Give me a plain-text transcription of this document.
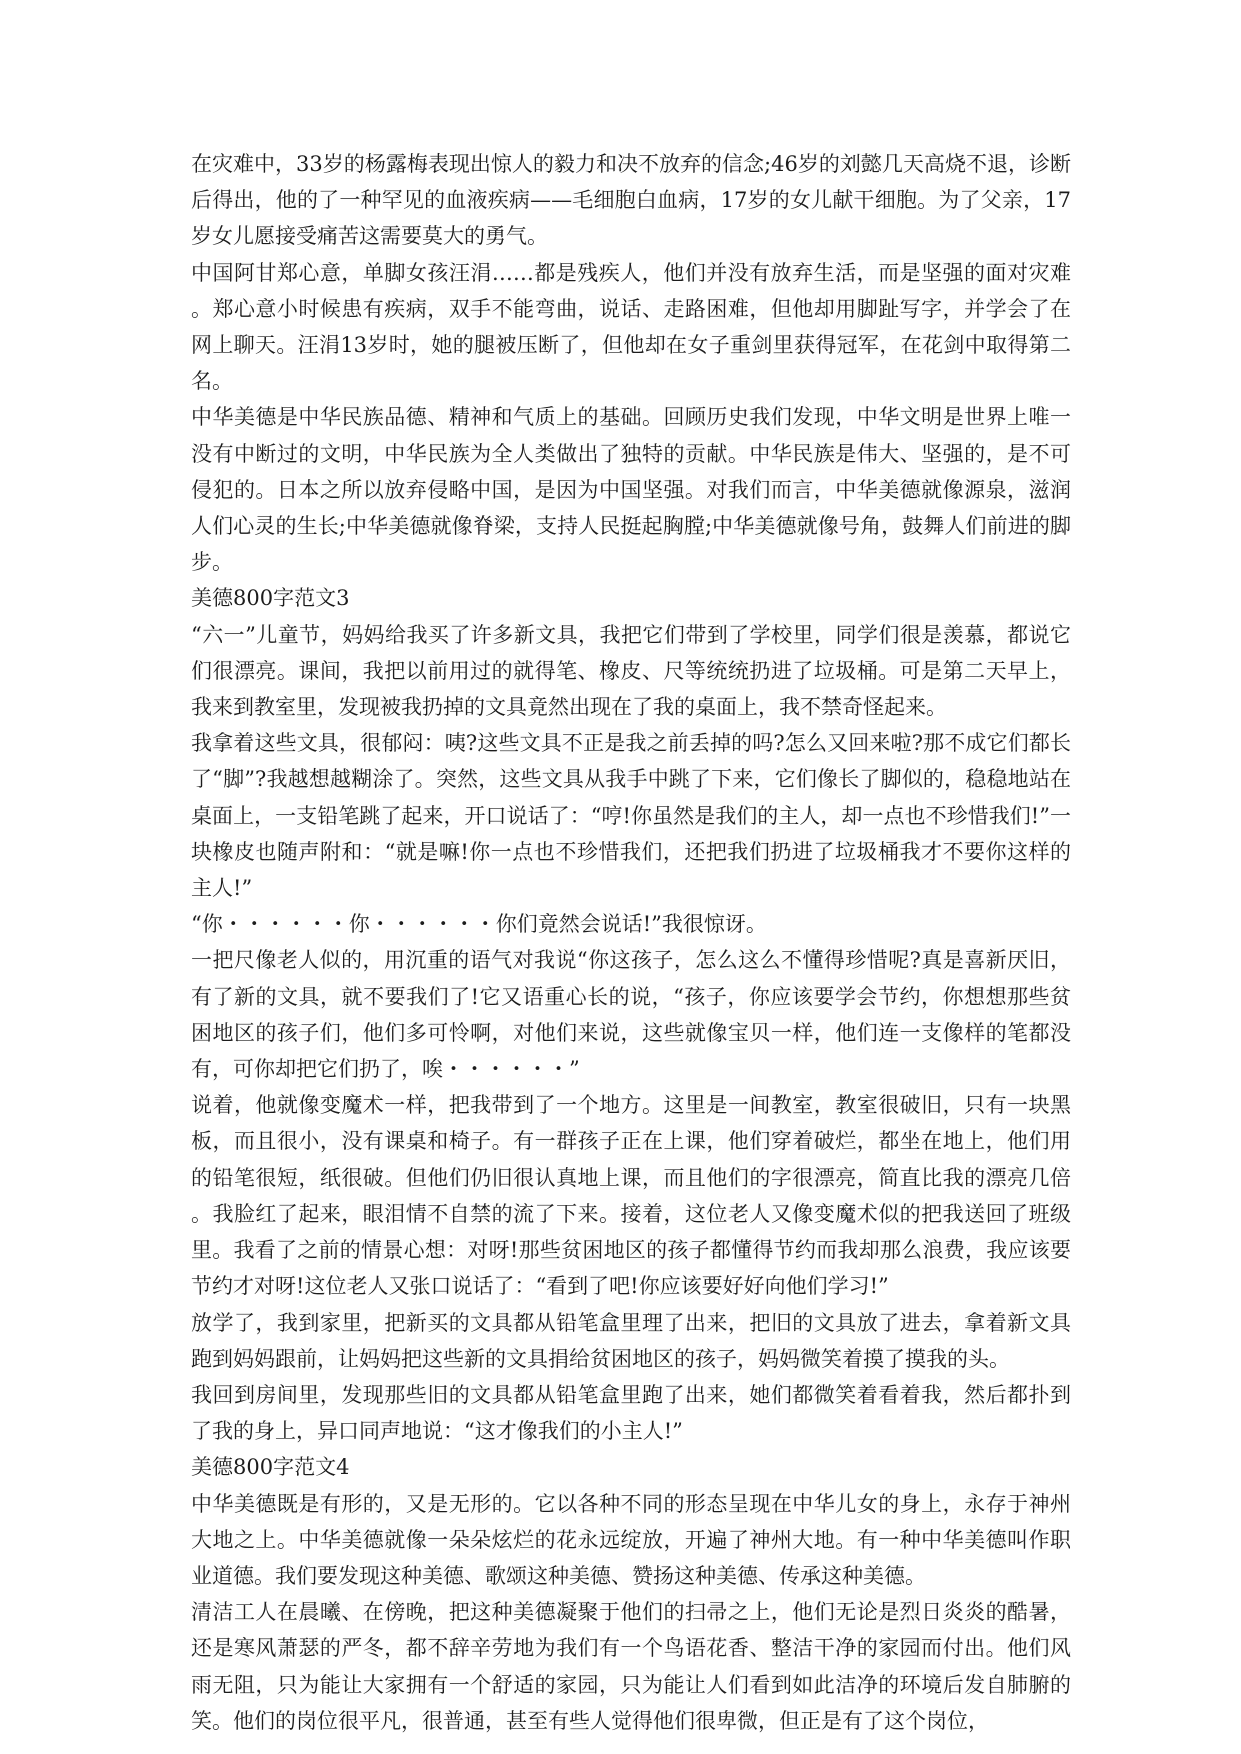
在灾难中，33岁的杨露梅表现出惊人的毅力和决不放弃的信念;46岁的刘懿几天高烧不退，诊断后得出，他的了一种罕见的血液疾病——毛细胞白血病，17岁的女儿献干细胞。为了父亲，17岁女儿愿接受痛苦这需要莫大的勇气。

中国阿甘郑心意，单脚女孩汪涓……都是残疾人，他们并没有放弃生活，而是坚强的面对灾难。郑心意小时候患有疾病，双手不能弯曲，说话、走路困难，但他却用脚趾写字，并学会了在网上聊天。汪涓13岁时，她的腿被压断了，但他却在女子重剑里获得冠军，在花剑中取得第二名。

中华美德是中华民族品德、精神和气质上的基础。回顾历史我们发现，中华文明是世界上唯一没有中断过的文明，中华民族为全人类做出了独特的贡献。中华民族是伟大、坚强的，是不可侵犯的。日本之所以放弃侵略中国，是因为中国坚强。对我们而言，中华美德就像源泉，滋润人们心灵的生长;中华美德就像脊梁，支持人民挺起胸膛;中华美德就像号角，鼓舞人们前进的脚步。

美德800字范文3

“六一”儿童节，妈妈给我买了许多新文具，我把它们带到了学校里，同学们很是羡慕，都说它们很漂亮。课间，我把以前用过的就得笔、橡皮、尺等统统扔进了垃圾桶。可是第二天早上，我来到教室里，发现被我扔掉的文具竟然出现在了我的桌面上，我不禁奇怪起来。

我拿着这些文具，很郁闷：咦?这些文具不正是我之前丢掉的吗?怎么又回来啦?那不成它们都长了“脚”?我越想越糊涂了。突然，这些文具从我手中跳了下来，它们像长了脚似的，稳稳地站在桌面上，一支铅笔跳了起来，开口说话了：“哼!你虽然是我们的主人，却一点也不珍惜我们!”一块橡皮也随声附和：“就是嘛!你一点也不珍惜我们，还把我们扔进了垃圾桶我才不要你这样的主人!”

“你・・・・・・你・・・・・・你们竟然会说话!”我很惊讶。

一把尺像老人似的，用沉重的语气对我说“你这孩子，怎么这么不懂得珍惜呢?真是喜新厌旧，有了新的文具，就不要我们了!它又语重心长的说，“孩子，你应该要学会节约，你想想那些贫困地区的孩子们，他们多可怜啊，对他们来说，这些就像宝贝一样，他们连一支像样的笔都没有，可你却把它们扔了，唉・・・・・・”

说着，他就像变魔术一样，把我带到了一个地方。这里是一间教室，教室很破旧，只有一块黑板，而且很小，没有课桌和椅子。有一群孩子正在上课，他们穿着破烂，都坐在地上，他们用的铅笔很短，纸很破。但他们仍旧很认真地上课，而且他们的字很漂亮，简直比我的漂亮几倍。我脸红了起来，眼泪情不自禁的流了下来。接着，这位老人又像变魔术似的把我送回了班级里。我看了之前的情景心想：对呀!那些贫困地区的孩子都懂得节约而我却那么浪费，我应该要节约才对呀!这位老人又张口说话了：“看到了吧!你应该要好好向他们学习!”

放学了，我到家里，把新买的文具都从铅笔盒里理了出来，把旧的文具放了进去，拿着新文具跑到妈妈跟前，让妈妈把这些新的文具捐给贫困地区的孩子，妈妈微笑着摸了摸我的头。

我回到房间里，发现那些旧的文具都从铅笔盒里跑了出来，她们都微笑着看着我，然后都扑到了我的身上，异口同声地说：“这才像我们的小主人!”

美德800字范文4

中华美德既是有形的，又是无形的。它以各种不同的形态呈现在中华儿女的身上，永存于神州大地之上。中华美德就像一朵朵炫烂的花永远绽放，开遍了神州大地。有一种中华美德叫作职业道德。我们要发现这种美德、歌颂这种美德、赞扬这种美德、传承这种美德。

清洁工人在晨曦、在傍晚，把这种美德凝聚于他们的扫帚之上，他们无论是烈日炎炎的酷暑，还是寒风萧瑟的严冬，都不辞辛劳地为我们有一个鸟语花香、整洁干净的家园而付出。他们风雨无阻，只为能让大家拥有一个舒适的家园，只为能让人们看到如此洁净的环境后发自肺腑的笑。他们的岗位很平凡，很普通，甚至有些人觉得他们很卑微，但正是有了这个岗位，
